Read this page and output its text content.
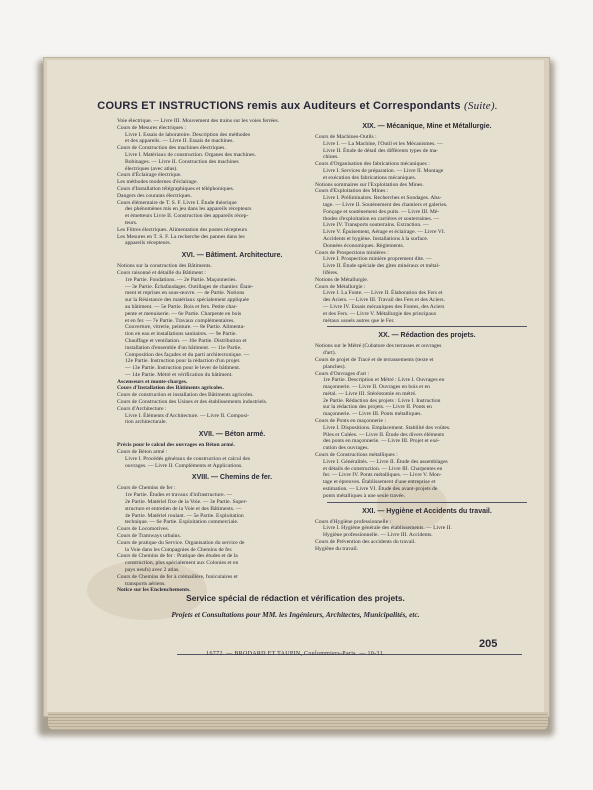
COURS ET INSTRUCTIONS remis aux Auditeurs et Correspondants (Suite).
Voie électrique. — Livre III. Mouvement des trains sur les voies ferrées.
Cours de Mesures électriques :
Livre I. Essais de laboratoire. Description des méthodes
et des appareils. — Livre II. Essais de machines.
Cours de Construction des machines électriques.
Livre I. Matériaux de construction. Organes des machines.
Bobinages. — Livre II. Construction des machines
électriques (avec atlas).
Cours d'Éclairage électrique.
Les méthodes modernes d'éclairage.
Cours d'Installation télégraphiques et téléphoniques.
Dangers des courants électriques.
Cours élémentaire de T. S. F. Livre I. Étude théorique
des phénomènes mis en jeu dans les appareils récepteurs
et émetteurs Livre II. Construction des appareils récep-
teurs.
Les Filtres électriques. Alimentation des postes récepteurs
Les Mesures en T. S. F. La recherche des pannes dans les
appareils récepteurs.
XVI. — Bâtiment. Architecture.
Notions sur la construction des Bâtiments.
Cours raisonné et détaillé du Bâtiment :
1re Partie. Fondations. — 2e Partie. Maçonneries.
— 3e Partie. Échafaudages. Outillages de chantier. Étaie-
ment et reprises en sous-œuvre. — 4e Partie. Notions
sur la Résistance des matériaux spécialement appliquée
au bâtiment. — 5e Partie. Bois et fers. Petite char-
pente et menuiserie. — 6e Partie. Charpente en bois
et en fer. — 7e Partie. Travaux complémentaires.
Couverture, vitrerie, peinture. — 8e Partie. Alimenta-
tion en eau et installations sanitaires. — 9e Partie.
Chauffage et ventilation. — 10e Partie. Distribution et
installation d'ensemble d'un bâtiment. — 11e Partie.
Composition des façades et du parti architectonique. —
12e Partie. Instruction pour la rédaction d'un projet.
— 13e Partie. Instruction pour le lever de bâtiment.
— 14e Partie. Métré et vérification du bâtiment.
Ascenseurs et monte-charges.
Cours d'Installation des Bâtiments agricoles.
Cours de construction et installation des Bâtiments agricoles.
Cours de Construction des Usines et des établissements industriels.
Cours d'Architecture :
Livre I. Éléments d'Architecture. — Livre II. Composi-
tion architecturale.
XVII. — Béton armé.
Précis pour le calcul des ouvrages en Béton armé.
Cours de Béton armé :
Livre I. Procédés généraux de construction et calcul des
ouvrages. — Livre II. Compléments et Applications.
XVIII. — Chemins de fer.
Cours de Chemins de fer :
1re Partie. Études et travaux d'infrastructure. —
2e Partie. Matériel fixe de la Voie. — 3e Partie. Super-
structure et entretien de la Voie et des Bâtiments. —
4e Partie. Matériel roulant. — 5e Partie. Exploitation
technique. — 6e Partie. Exploitation commerciale.
Cours de Locomotives.
Cours de Tramways urbains.
Cours de pratique du Service. Organisation du service de
la Voie dans les Compagnies de Chemins de fer.
Cours de Chemins de fer : Pratique des études et de la
construction, plus spécialement aux Colonies et en
pays neufs) avec 2 atlas.
Cours de Chemins de fer à crémaillère, funiculaires et
transports aériens.
Notice sur les Enclenchements.
XIX. — Mécanique, Mine et Métallurgie.
Cours de Machines-Outils :
Livre I. — La Machine, l'Outil et les Mécanismes. —
Livre II. Étude de détail des différents types de ma-
chines.
Cours d'Organisation des fabrications mécaniques :
Livre I. Services de préparation. — Livre II. Montage
et exécution des fabrications mécaniques.
Notions sommaires sur l'Exploitation des Mines.
Cours d'Exploitation des Mines :
Livre I. Préliminaires. Recherches et Sondages. Aba-
tage. — Livre II. Soutènement des chantiers et galeries.
Fonçage et soutènement des puits. — Livre III. Mé-
thodes d'exploitation en carrières et souterraines. —
Livre IV. Transports souterrains. Extraction. —
Livre V. Épuisement, Aérage et éclairage. — Livre VI.
Accidents et hygiène. Installations à la surface.
Données économiques. Règlements.
Cours de Prospections minières :
Livre I. Prospection minière proprement dite. —
Livre II. Étude spéciale des gîtes minéraux et métal-
lifères.
Notions de Métallurgie.
Cours de Métallurgie :
Livre I. La Fonte. — Livre II. Élaboration des Fers et
des Aciers. — Livre III. Travail des Fers et des Aciers.
— Livre IV. Essais mécaniques des Fontes, des Aciers
et des Fers. — Livre V. Métallurgie des principaux
métaux usuels autres que le Fer.
XX. — Rédaction des projets.
Notions sur le Métré (Cubature des terrasses et ouvrages
d'art).
Cours de projet de Tracé et de terrassements (texte et
planches).
Cours d'Ouvrages d'art :
1re Partie. Description et Métré : Livre I. Ouvrages en
maçonnerie. — Livre II. Ouvrages en bois et en
métal. — Livre III. Stéréotomie en métré.
2e Partie. Rédaction des projets : Livre I. Instruction
sur la rédaction des projets. — Livre II. Ponts en
maçonnerie. — Livre III. Ponts métalliques.
Cours de Ponts en maçonnerie :
Livre I. Dispositions. Emplacement. Stabilité des voûtes.
Piles et Culées. — Livre II. Étude des divers éléments
des ponts en maçonnerie. — Livre III. Projet et exé-
cution des ouvrages.
Cours de Constructions métalliques :
Livre I. Généralités. — Livre II. Étude des assemblages
et détails de construction. — Livre III. Charpentes en
fer. — Livre IV. Ponts métalliques. — Livre V. Mon-
tage et épreuves. Établissement d'une entreprise et
estimation. — Livre VI. Étude des avant-projets de
ponts métalliques à une seule travée.
XXI. — Hygiène et Accidents du travail.
Cours d'Hygiène professionnelle :
Livre I. Hygiène générale des établissements. — Livre II.
Hygiène professionnelle. — Livre III. Accidents.
Cours de Prévention des accidents du travail.
Hygiène du travail.
Service spécial de rédaction et vérification des projets.
Projets et Consultations pour MM. les Ingénieurs, Architectes, Municipalités, etc.
205
16772. — BRODARD ET TAUPIN, Coulommiers-Paris. — 10-31.
